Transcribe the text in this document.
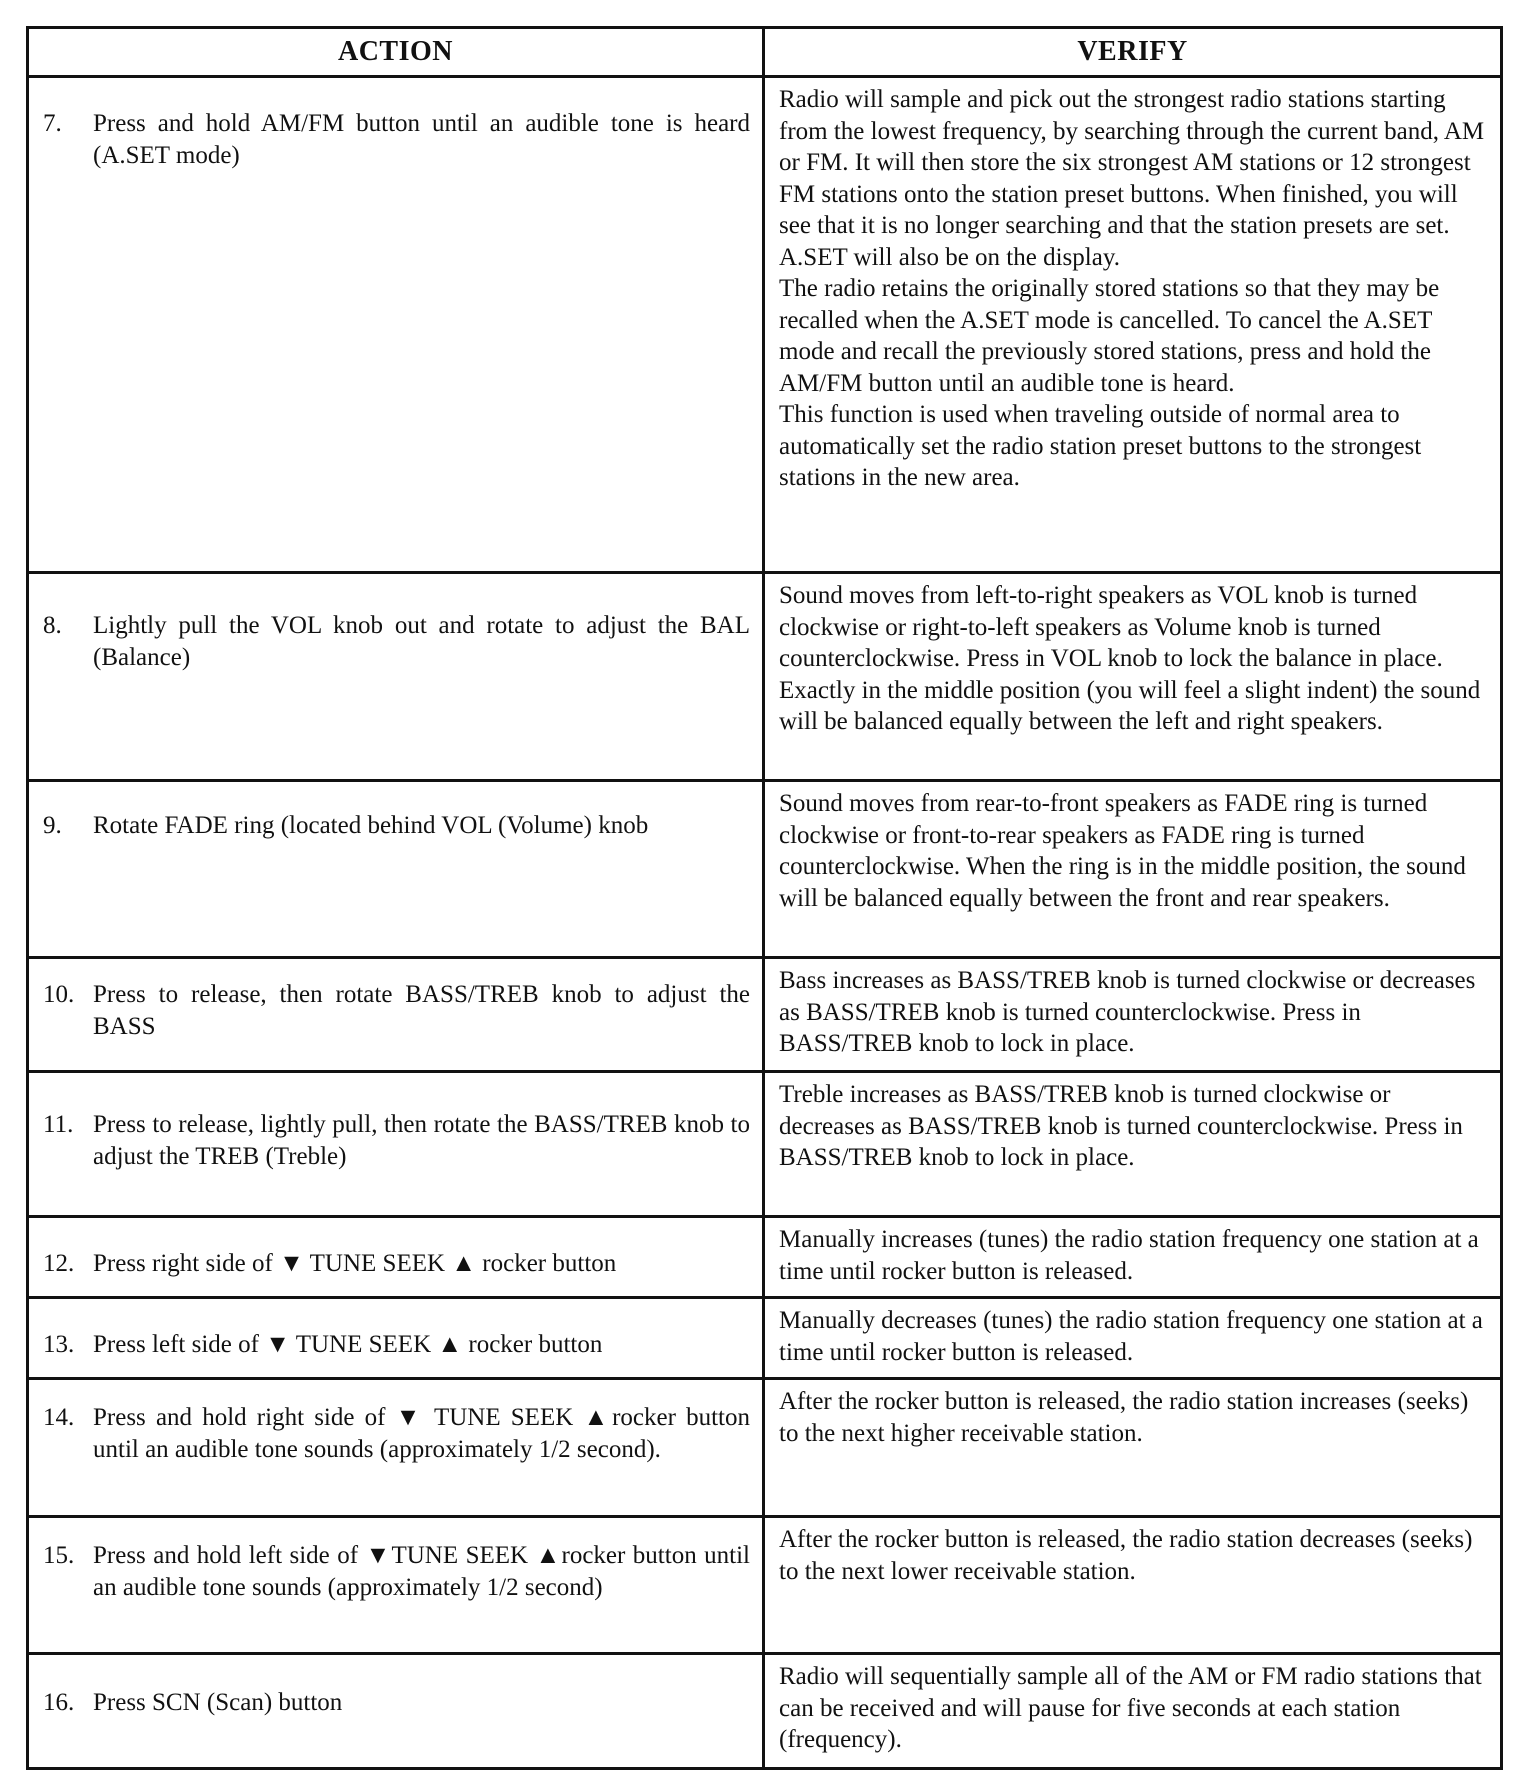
ACTION	VERIFY

7. Press and hold AM/FM button until an audible tone is heard (A.SET mode)	Radio will sample and pick out the strongest radio stations starting from the lowest frequency, by searching through the current band, AM or FM. It will then store the six strongest AM stations or 12 strongest FM stations onto the station preset buttons. When finished, you will see that it is no longer searching and that the station presets are set. A.SET will also be on the display.
The radio retains the originally stored stations so that they may be recalled when the A.SET mode is cancelled. To cancel the A.SET mode and recall the previously stored stations, press and hold the AM/FM button until an audible tone is heard.
This function is used when traveling outside of normal area to automatically set the radio station preset buttons to the strongest stations in the new area.

8. Lightly pull the VOL knob out and rotate to adjust the BAL (Balance)	Sound moves from left-to-right speakers as VOL knob is turned clockwise or right-to-left speakers as Volume knob is turned counterclockwise. Press in VOL knob to lock the balance in place. Exactly in the middle position (you will feel a slight indent) the sound will be balanced equally between the left and right speakers.

9. Rotate FADE ring (located behind VOL (Volume) knob	Sound moves from rear-to-front speakers as FADE ring is turned clockwise or front-to-rear speakers as FADE ring is turned counterclockwise. When the ring is in the middle position, the sound will be balanced equally between the front and rear speakers.

10. Press to release, then rotate BASS/TREB knob to adjust the BASS	Bass increases as BASS/TREB knob is turned clockwise or decreases as BASS/TREB knob is turned counterclockwise. Press in BASS/TREB knob to lock in place.

11. Press to release, lightly pull, then rotate the BASS/TREB knob to adjust the TREB (Treble)	Treble increases as BASS/TREB knob is turned clockwise or decreases as BASS/TREB knob is turned counterclockwise. Press in BASS/TREB knob to lock in place.

12. Press right side of ▼ TUNE SEEK ▲ rocker button	Manually increases (tunes) the radio station frequency one station at a time until rocker button is released.

13. Press left side of ▼ TUNE SEEK ▲ rocker button	Manually decreases (tunes) the radio station frequency one station at a time until rocker button is released.

14. Press and hold right side of ▼ TUNE SEEK ▲rocker button until an audible tone sounds (approximately 1/2 second).	After the rocker button is released, the radio station increases (seeks) to the next higher receivable station.

15. Press and hold left side of ▼TUNE SEEK ▲rocker button until an audible tone sounds (approximately 1/2 second)	After the rocker button is released, the radio station decreases (seeks) to the next lower receivable station.

16. Press SCN (Scan) button	Radio will sequentially sample all of the AM or FM radio stations that can be received and will pause for five seconds at each station (frequency).
